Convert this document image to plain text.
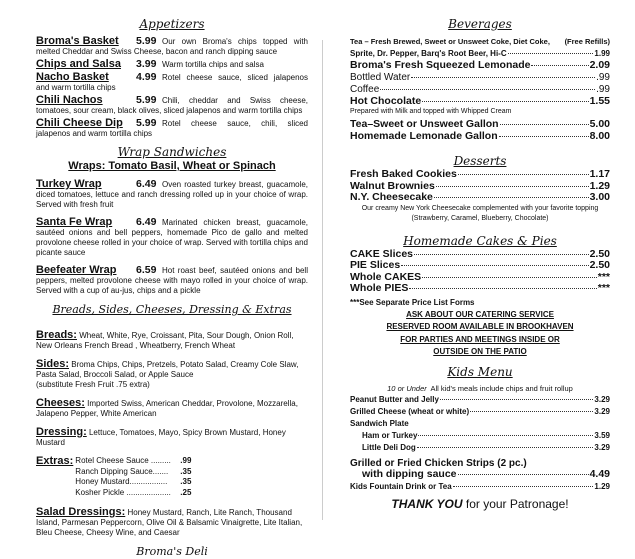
Appetizers
Broma's Basket 5.99 Our own Broma's chips topped with melted Cheddar and Swiss Cheese, bacon and ranch dipping sauce
Chips and Salsa 3.99 Warm tortilla chips and salsa
Nacho Basket	4.99 Rotel cheese sauce, sliced jalapenos and warm tortilla chips
Chili Nachos	5.99 Chili, cheddar and Swiss cheese, tomatoes, sour cream, black olives, sliced jalapenos and warm tortilla chips
Chili Cheese Dip 5.99 Rotel cheese sauce, chili, sliced jalapenos and warm tortilla chips
Wrap Sandwiches
Wraps: Tomato Basil, Wheat or Spinach
Turkey Wrap	6.49 Oven roasted turkey breast, guacamole, diced tomatoes, lettuce and ranch dressing rolled up in your choice of wrap. Served with fresh fruit
Santa Fe Wrap 6.49 Marinated chicken breast, guacamole, sautéed onions and bell peppers, homemade Pico de gallo and melted provolone cheese rolled in your choice of wrap. Served with tortilla chips and picante sauce
Beefeater Wrap 6.59 Hot roast beef, sautéed onions and bell peppers, melted provolone cheese with mayo rolled in your choice of wrap. Served with a cup of au-jus, chips and a pickle
Breads, Sides, Cheeses, Dressing & Extras
Breads: Wheat, White, Rye, Croissant, Pita, Sour Dough, Onion Roll, New Orleans French Bread , Wheatberry, French Wheat
Sides: Broma Chips, Chips, Pretzels, Potato Salad, Creamy Cole Slaw, Pasta Salad, Broccoli Salad, or Apple Sauce
(substitute Fresh Fruit .75 extra)
Cheeses: Imported Swiss, American Cheddar, Provolone, Mozzarella, Jalapeno Pepper, White American
Dressing: Lettuce, Tomatoes, Mayo, Spicy Brown Mustard, Honey Mustard
Extras: Rotel Cheese Sauce .........	.99
Ranch Dipping Sauce.......	.35
Honey Mustard.................	.35
Kosher Pickle ....................	.25
Salad Dressings: Honey Mustard, Ranch, Lite Ranch, Thousand Island, Parmesan Peppercorn, Olive Oil & Balsamic Vinaigrette, Lite Italian, Bleu Cheese, Cheesy Wine, and Caesar
Broma's Deli
Beverages
Tea – Fresh Brewed, Sweet or Unsweet Coke, Diet Coke, (Free Refills)
Sprite, Dr. Pepper, Barq's Root Beer, Hi-C	1.99
Broma's Fresh Squeezed Lemonade	2.09
Bottled Water	.99
Coffee	.99
Hot Chocolate	1.55
Prepared with Milk and topped with Whipped Cream
Tea–Sweet or Unsweet Gallon	5.00
Homemade Lemonade Gallon	8.00
Desserts
Fresh Baked Cookies	1.17
Walnut Brownies	1.29
N.Y. Cheesecake	3.00
Our creamy New York Cheesecake complemented with your favorite topping (Strawberry, Caramel, Blueberry, Chocolate)
Homemade Cakes & Pies
CAKE Slices	2.50
PIE Slices	2.50
Whole CAKES	***
Whole PIES	***
***See Separate Price List Forms
ASK ABOUT OUR CATERING SERVICE
RESERVED ROOM AVAILABLE IN BROOKHAVEN
FOR PARTIES AND MEETINGS INSIDE OR
OUTSIDE ON THE PATIO
Kids Menu
10 or Under All kid's meals include chips and fruit rollup
Peanut Butter and Jelly	3.29
Grilled Cheese (wheat or white)	3.29
Sandwich Plate
Ham or Turkey	3.59
Little Deli Dog	3.29
Grilled or Fried Chicken Strips (2 pc.)
with dipping sauce	4.49
Kids Fountain Drink or Tea	1.29
THANK YOU for your Patronage!
